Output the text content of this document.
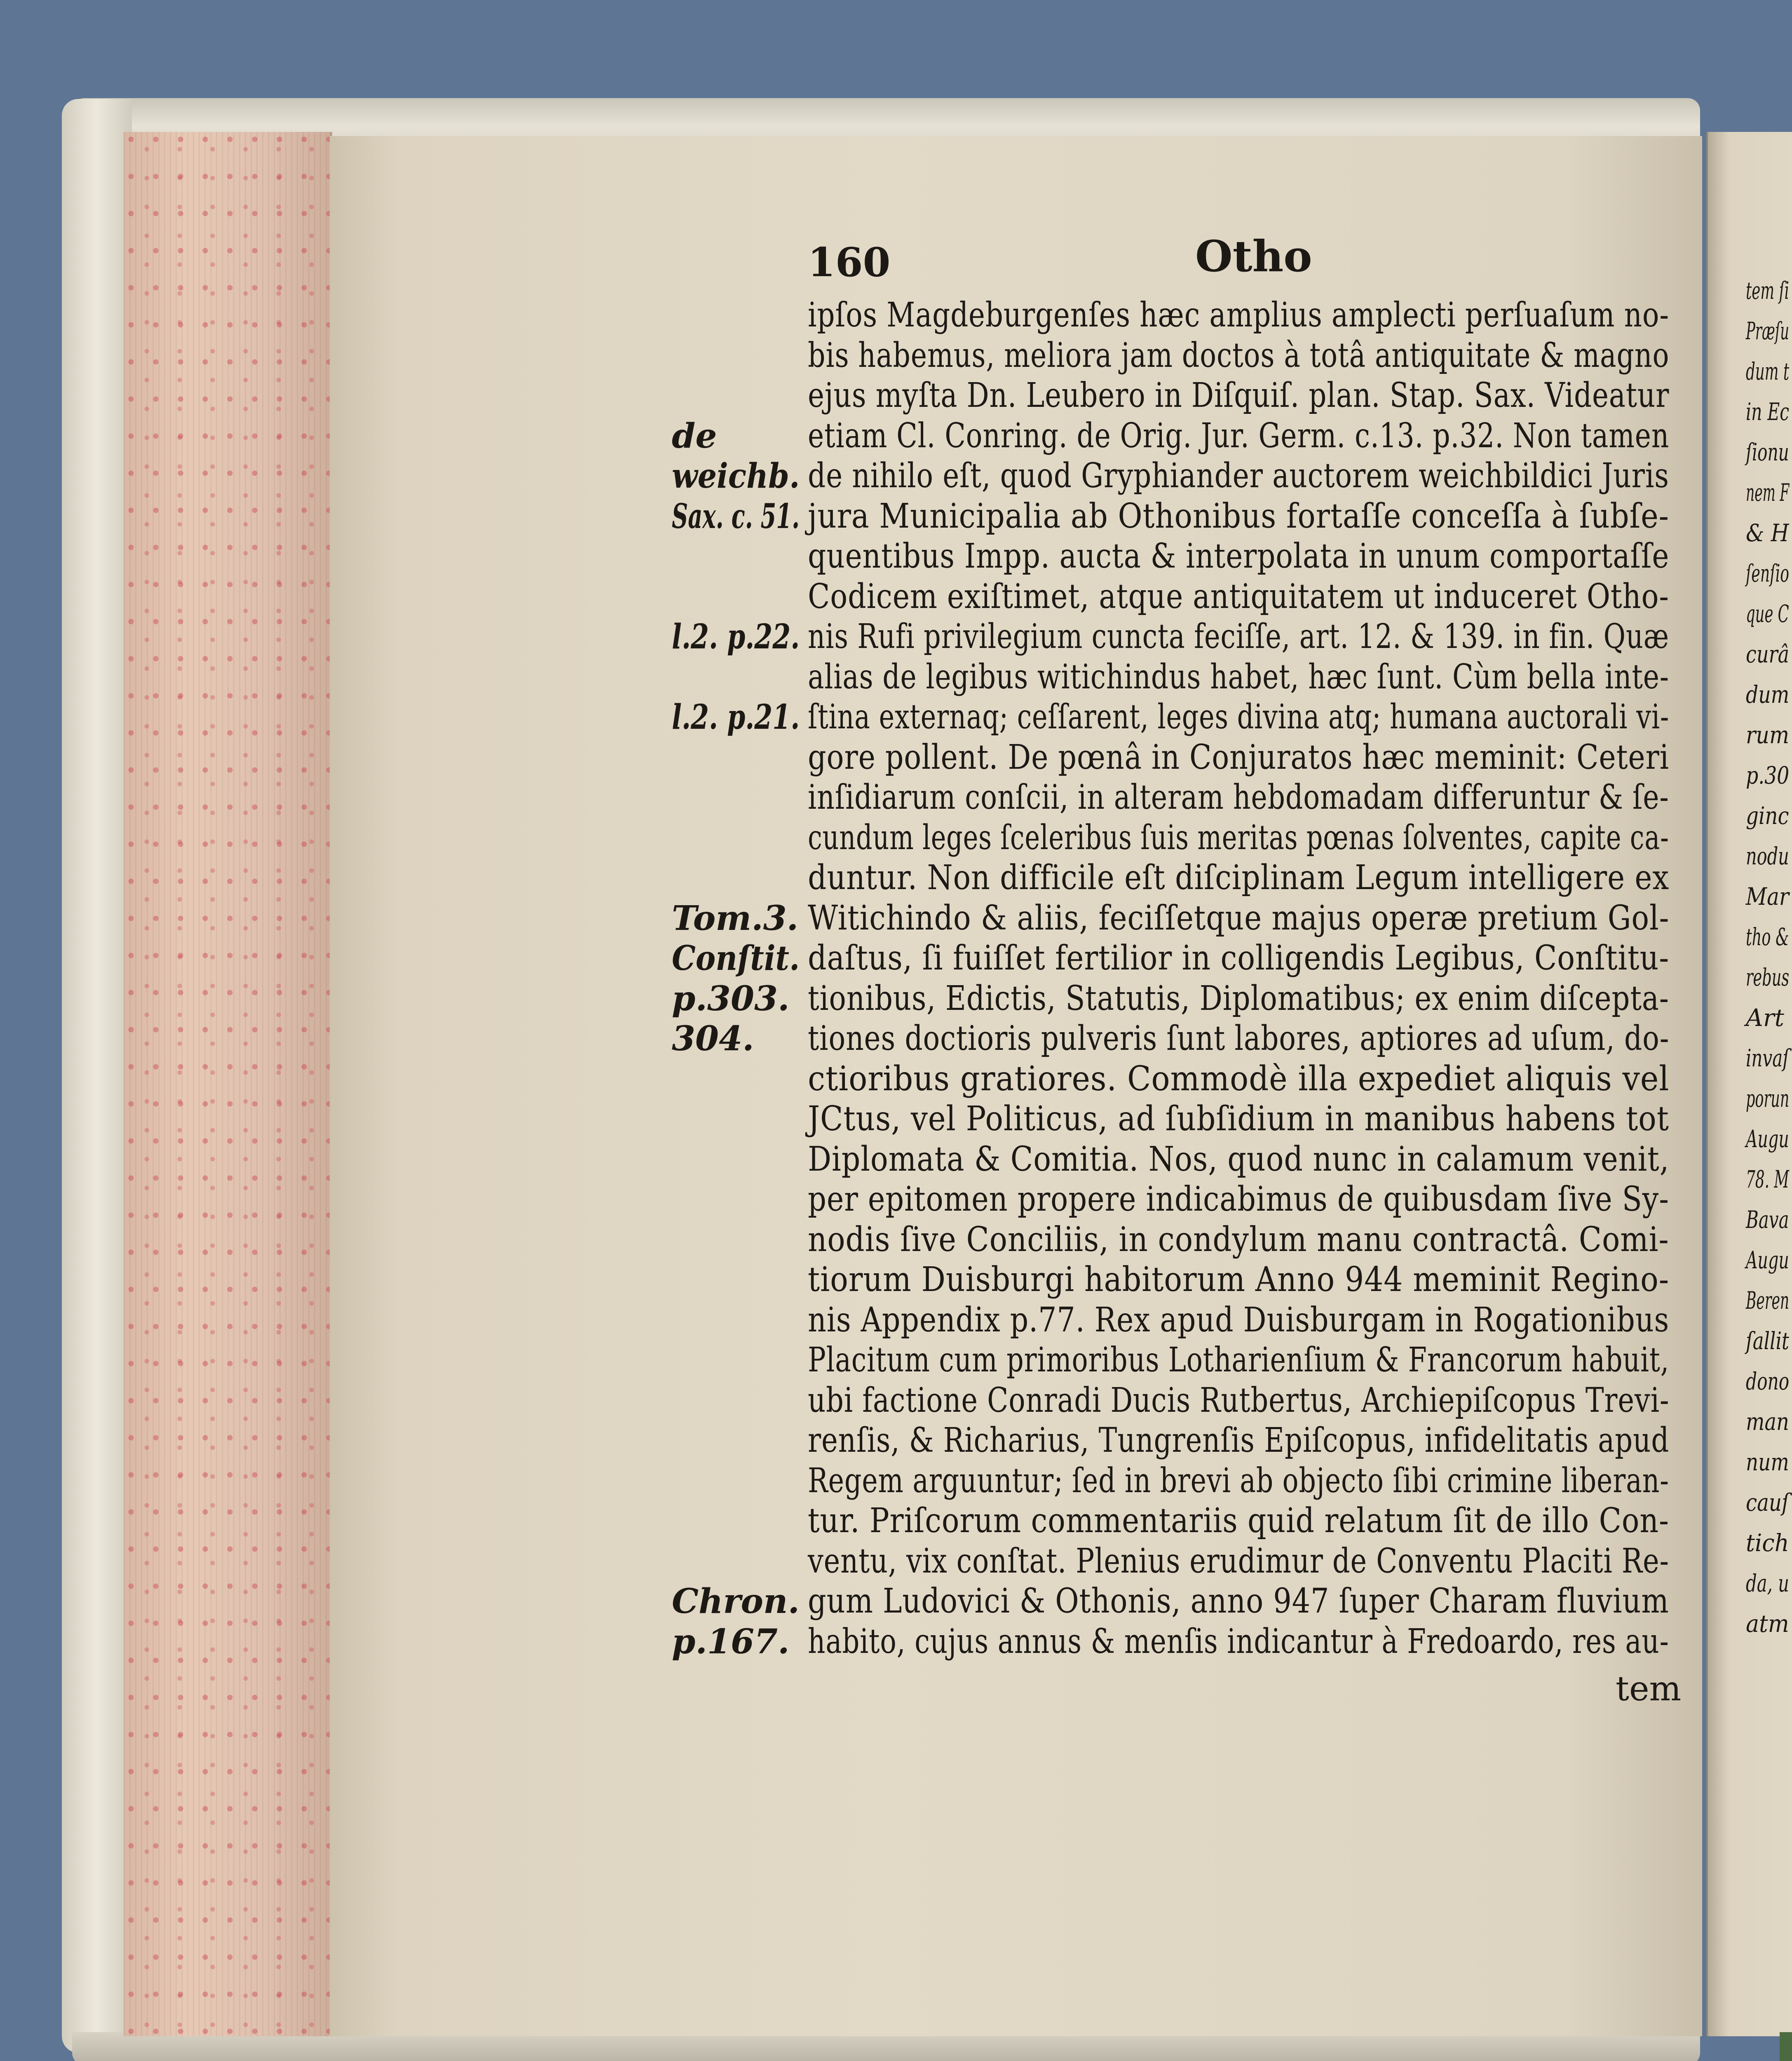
160	Otho
ipſos Magdeburgenſes hæc amplius amplecti perſuaſum no-
bis habemus, meliora jam doctos à totâ antiquitate & magno
ejus myſta Dn. Leubero in Diſquiſ. plan. Stap. Sax. Videatur
etiam Cl. Conring. de Orig. Jur. Germ. c.13. p.32. Non tamen
de nihilo eſt, quod Gryphiander auctorem weichbildici Juris
jura Municipalia ab Othonibus fortaſſe conceſſa à ſubſe-
quentibus Impp. aucta & interpolata in unum comportaſſe
Codicem exiſtimet, atque antiquitatem ut induceret Otho-
nis Rufi privilegium cuncta feciſſe, art. 12. & 139. in fin. Quæ
alias de legibus witichindus habet, hæc ſunt. Cùm bella inte-
ſtina externaq; ceſſarent, leges divina atq; humana auctorali vi-
gore pollent. De pœnâ in Conjuratos hæc meminit: Ceteri
inſidiarum conſcii, in alteram hebdomadam differuntur & ſe-
cundum leges ſceleribus ſuis meritas pœnas ſolventes, capite ca-
duntur. Non difficile eſt diſciplinam Legum intelligere ex
Witichindo & aliis, feciſſetque majus operæ pretium Gol-
daſtus, ſi fuiſſet fertilior in colligendis Legibus, Conſtitu-
tionibus, Edictis, Statutis, Diplomatibus; ex enim diſcepta-
tiones doctioris pulveris ſunt labores, aptiores ad uſum, do-
ctioribus gratiores. Commodè illa expediet aliquis vel
JCtus, vel Politicus, ad ſubſidium in manibus habens tot
Diplomata & Comitia. Nos, quod nunc in calamum venit,
per epitomen propere indicabimus de quibusdam ſive Sy-
nodis ſive Conciliis, in condylum manu contractâ. Comi-
tiorum Duisburgi habitorum Anno 944 meminit Regino-
nis Appendix p.77. Rex apud Duisburgam in Rogationibus
Placitum cum primoribus Lotharienſium & Francorum habuit,
ubi factione Conradi Ducis Rutbertus, Archiepiſcopus Trevi-
renſis, & Richarius, Tungrenſis Epiſcopus, infidelitatis apud
Regem arguuntur; ſed in brevi ab objecto ſibi crimine liberan-
tur. Priſcorum commentariis quid relatum ſit de illo Con-
ventu, vix conſtat. Plenius erudimur de Conventu Placiti Re-
gum Ludovici & Othonis, anno 947 ſuper Charam fluvium
habito, cujus annus & menſis indicantur à Fredoardo, res au-
de
weichb.
Sax. c. 51.
l.2. p.22.
l.2. p.21.
Tom.3.
Conſtit.
p.303.
304.
Chron.
p.167.
tem ſi
Præſu
dum t
in Ec
ſionu
nem F
& H
ſenſio
que C
curâ
dum
rum
p.30
ginc
nodu
Mar
tho &
rebus
Art
invaſ
porun
Augu
78. M
Bava
Augu
Beren
ſallit
dono
man
num
cauſ
tich
da, u
atm
tem
